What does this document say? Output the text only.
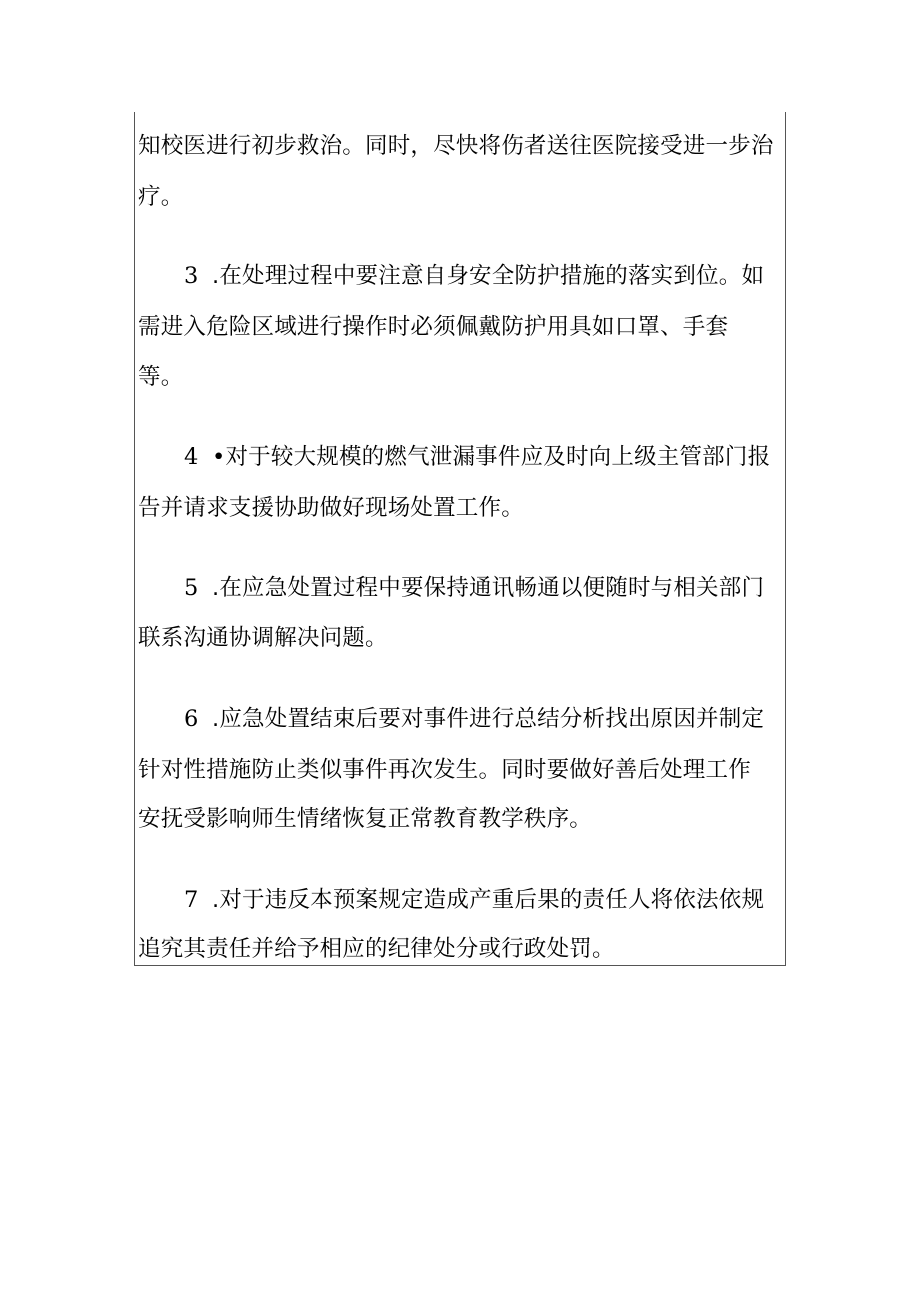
知校医进行初步救治。同时，尽快将伤者送往医院接受进一步治
疗。
3 .在处理过程中要注意自身安全防护措施的落实到位。如
需进入危险区域进行操作时必须佩戴防护用具如口罩、手套
等。
4 •对于较大规模的燃气泄漏事件应及时向上级主管部门报
告并请求支援协助做好现场处置工作。
5 .在应急处置过程中要保持通讯畅通以便随时与相关部门
联系沟通协调解决问题。
6 .应急处置结束后要对事件进行总结分析找出原因并制定
针对性措施防止类似事件再次发生。同时要做好善后处理工作
安抚受影响师生情绪恢复正常教育教学秩序。
7 .对于违反本预案规定造成产重后果的责任人将依法依规
追究其责任并给予相应的纪律处分或行政处罚。
